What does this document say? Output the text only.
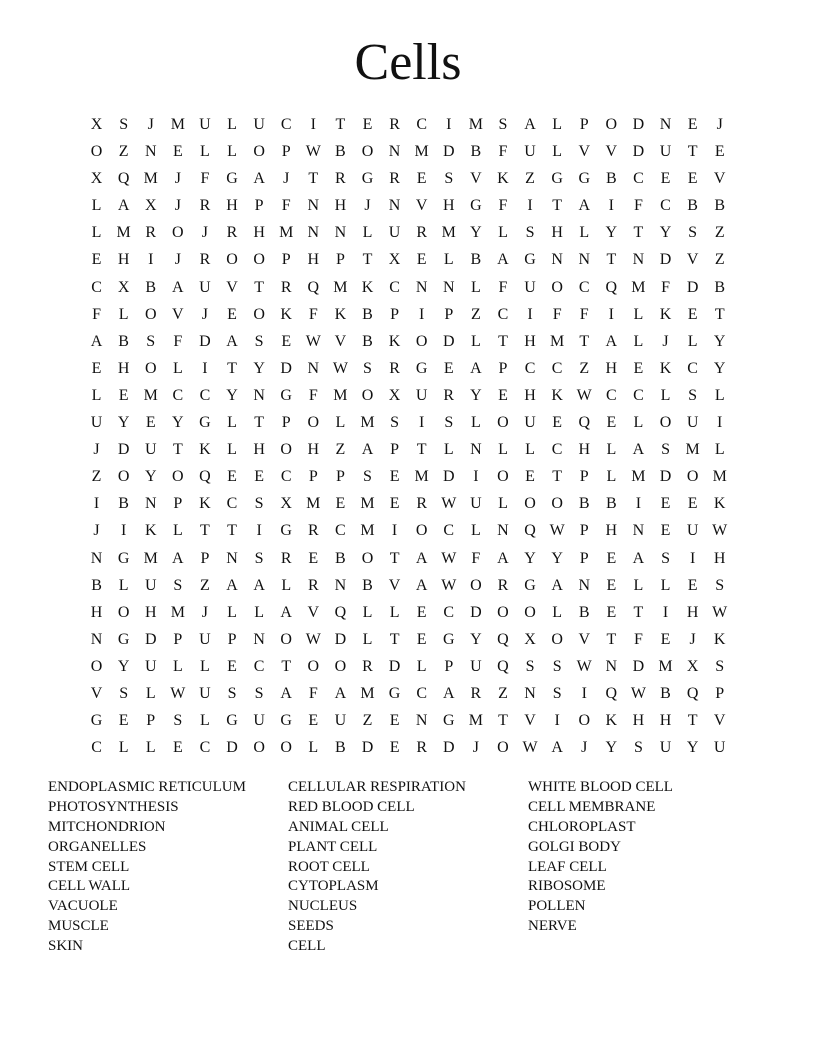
Cells
X	S	J	M U	L	U C	I	T	E	R	C	I	M S	A	L	P	O D N	E	J
O	Z	N	E	L	L	O	P W B O N M D B	F	U	L	V V D U	T	E
X Q M	J	F	G A	J	T	R G R	E	S	V K	Z	G G B	C	E	E	V
L	A X	J	R H	P	F	N H	J	N V H G	F	I	T	A	I	F	C	B	B
L M R O	J	R H M N N	L	U R M Y	L	S	H	L	Y	T	Y	S	Z
E	H	I	J	R O O	P	H	P	T	X	E	L	B A G N N	T	N D V	Z
C X B A U V	T	R Q M K C N N	L	F	U O C Q M F	D B
F	L	O V	J	E	O K	F	K B	P	I	P	Z	C	I	F	F	I	L	K	E	T
A B	S	F	D A	S	E W V B K O D	L	T	H M T	A	L	J	L	Y
E	H O	L	I	T	Y D N W S	R G	E	A	P	C	C	Z	H	E	K C Y
L	E M C	C Y N G	F M O X U R Y	E	H K W C	C	L	S	L
U Y	E	Y G	L	T	P	O	L M S	I	S	L	O U	E	Q	E	L	O U	I
J	D U	T	K	L	H O H	Z	A	P	T	L	N	L	L	C H	L	A	S M L
Z	O Y O Q	E	E	C	P	P	S	E M D	I	O	E	T	P	L M D O M
I	B N	P	K C	S	X M E M E	R W U	L	O O B	B	I	E	E	K
J	I	K	L	T	T	I	G R	C M	I	O C	L	N Q W P	H N	E	U W
N G M A	P	N	S	R	E	B O	T	A W F	A Y Y	P	E	A	S	I	H
B	L	U	S	Z	A A	L	R N B V A W O R G A N	E	L	L	E	S
H O H M	J	L	L	A V Q	L	L	E	C D O O	L	B	E	T	I	H W
N G D	P	U	P	N O W D	L	T	E	G Y Q X O V	T	F	E	J	K
O Y U	L	L	E	C	T	O O R D	L	P	U Q	S	S W N D M X	S
V	S	L W U	S	S	A	F	A M G C A R	Z	N	S	I	Q W B Q	P
G	E	P	S	L	G U G	E	U	Z	E	N G M T	V	I	O K H H	T	V
C	L	L	E	C D O O	L	B D	E	R D	J	O W A	J	Y	S	U Y U
ENDOPLASMIC RETICULUM
PHOTOSYNTHESIS
MITCHONDRION
ORGANELLES
STEM CELL
CELL WALL
VACUOLE
MUSCLE
SKIN
CELLULAR RESPIRATION
RED BLOOD CELL
ANIMAL CELL
PLANT CELL
ROOT CELL
CYTOPLASM
NUCLEUS
SEEDS
CELL
WHITE BLOOD CELL
CELL MEMBRANE
CHLOROPLAST
GOLGI BODY
LEAF CELL
RIBOSOME
POLLEN
NERVE
